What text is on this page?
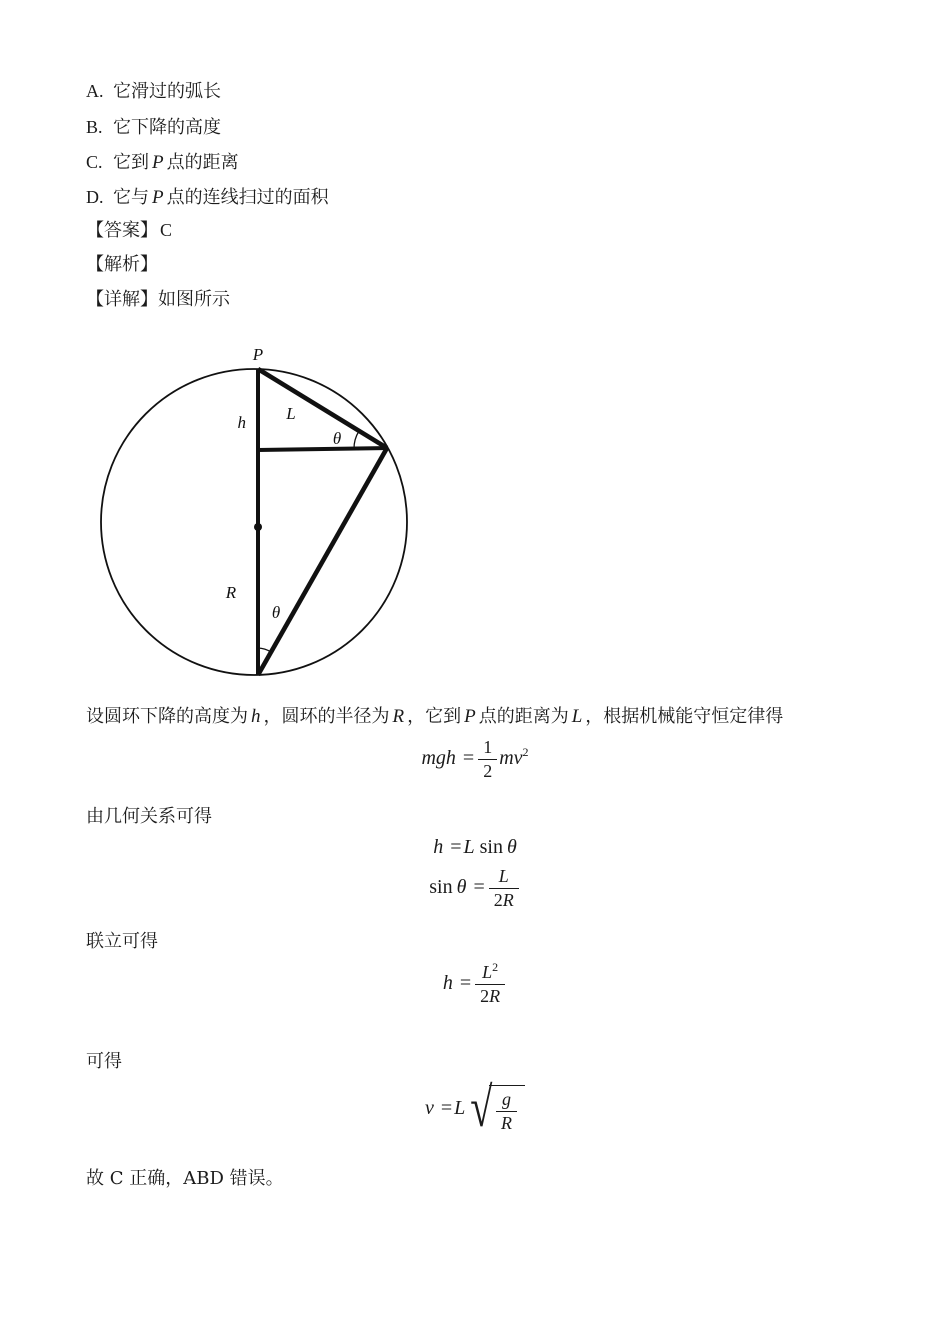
A. 它滑过的弧长
B. 它下降的高度
C. 它到 P 点的距离
D. 它与 P 点的连线扫过的面积
【答案】 C
【解析】
【详解】如图所示
P
h L
θ
R
θ
设圆环下降的高度为 h ，圆环的半径为 R ，它到 P 点的距离为 L ，根据机械能守恒定律得
mgh = $\frac{1}{2} mv^2$
由几何关系可得
h = L sin  θ
$\sin \theta = \frac{L}{2R}$
联立可得
$h = \frac{L^2}{2R}$
可得
v = L √ $\frac{g}{R}$
故 C 正确，ABD 错误。
